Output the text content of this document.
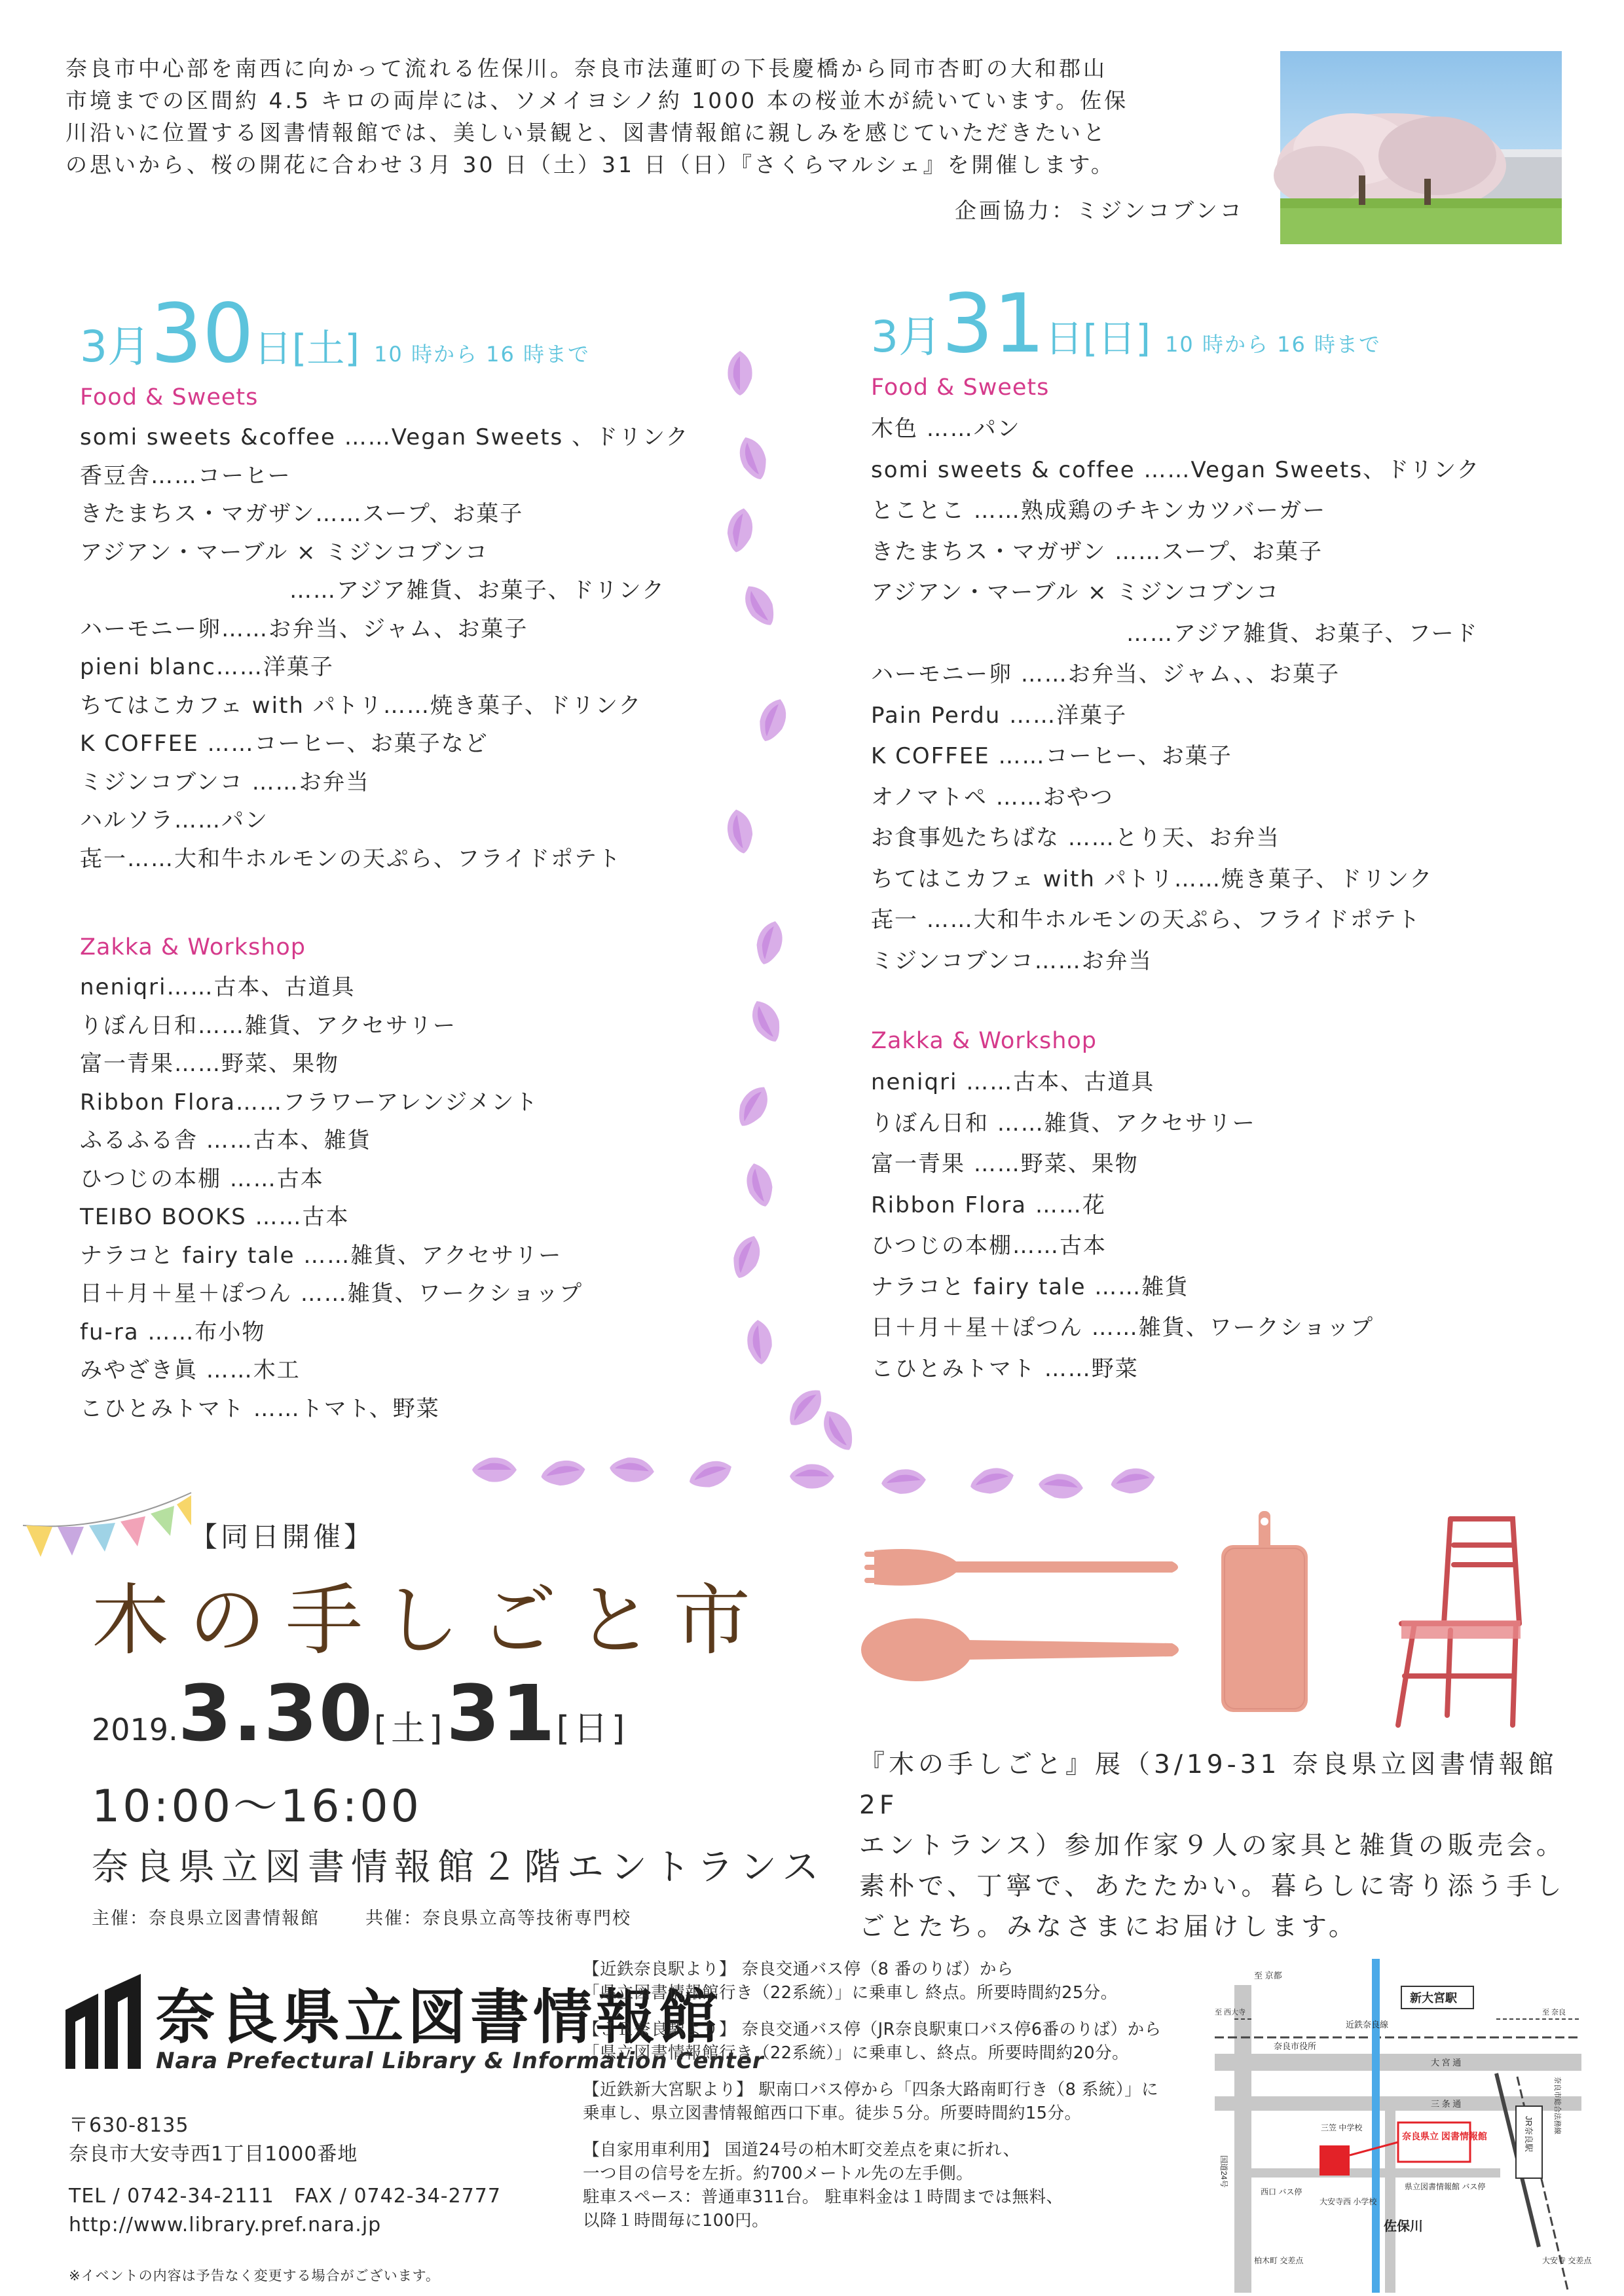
奈良市中心部を南西に向かって流れる佐保川。奈良市法蓮町の下長慶橋から同市杏町の大和郡山
市境までの区間約 4.5 キロの両岸には、ソメイヨシノ約 1000 本の桜並木が続いています。佐保
川沿いに位置する図書情報館では、美しい景観と、図書情報館に親しみを感じていただきたいと
の思いから、桜の開花に合わせ３月 30 日（土）31 日（日）『さくらマルシェ』を開催します。
企画協力：ミジンコブンコ
3月30日[土] 10 時から 16 時まで
Food & Sweets
somi sweets &coffee ……Vegan Sweets 、ドリンク
香豆舎……コーヒー
きたまちス・マガザン……スープ、お菓子
アジアン・マーブル × ミジンコブンコ
……アジア雑貨、お菓子、ドリンク
ハーモニー卵……お弁当、ジャム、お菓子
pieni blanc……洋菓子
ちてはこカフェ with パトリ……焼き菓子、ドリンク
K COFFEE ……コーヒー、お菓子など
ミジンコブンコ ……お弁当
ハルソラ……パン
㐂一……大和牛ホルモンの天ぷら、フライドポテト
Zakka & Workshop
neniqri……古本、古道具
りぼん日和……雑貨、アクセサリー
富一青果……野菜、果物
Ribbon Flora……フラワーアレンジメント
ふるふる舎 ……古本、雑貨
ひつじの本棚 ……古本
TEIBO BOOKS ……古本
ナラコと fairy tale ……雑貨、アクセサリー
日＋月＋星＋ぽつん ……雑貨、ワークショップ
fu-ra ……布小物
みやざき眞 ……木工
こひとみトマト ……トマト、野菜
3月31日[日] 10 時から 16 時まで
Food & Sweets
木色 ……パン
somi sweets & coffee ……Vegan Sweets、ドリンク
とことこ ……熟成鶏のチキンカツバーガー
きたまちス・マガザン ……スープ、お菓子
アジアン・マーブル × ミジンコブンコ
……アジア雑貨、お菓子、フード
ハーモニー卵 ……お弁当、ジャム、、お菓子
Pain Perdu ……洋菓子
K COFFEE ……コーヒー、お菓子
オノマトペ ……おやつ
お食事処たちばな ……とり天、お弁当
ちてはこカフェ with パトリ……焼き菓子、ドリンク
㐂一 ……大和牛ホルモンの天ぷら、フライドポテト
ミジンコブンコ……お弁当
Zakka & Workshop
neniqri ……古本、古道具
りぼん日和 ……雑貨、アクセサリー
富一青果 ……野菜、果物
Ribbon Flora ……花
ひつじの本棚……古本
ナラコと fairy tale ……雑貨
日＋月＋星＋ぽつん ……雑貨、ワークショップ
こひとみトマト ……野菜
【同日開催】
木の手しごと市
2019.3.30[土]31[日]
10:00〜16:00
奈良県立図書情報館２階エントランス
主催：奈良県立図書情報館	共催：奈良県立高等技術専門校
『木の手しごと』展（3/19-31 奈良県立図書情報館 2F
エントランス）参加作家９人の家具と雑貨の販売会。
素朴で、丁寧で、あたたかい。暮らしに寄り添う手し
ごとたち。みなさまにお届けします。
奈良県立図書情報館
Nara Prefectural Library & Information Center
〒630-8135
奈良市大安寺西1丁目1000番地
TEL / 0742-34-2111　FAX / 0742-34-2777
http://www.library.pref.nara.jp
※イベントの内容は予告なく変更する場合がございます。
【近鉄奈良駅より】 奈良交通バス停（8 番のりば）から
「県立図書情報館行き（22系統）」に乗車し 終点。所要時間約25分。
【ＪＲ奈良駅より】 奈良交通バス停（JR奈良駅東口バス停6番のりば）から
「県立図書情報館行き（22系統）」に乗車し、終点。所要時間約20分。
【近鉄新大宮駅より】 駅南口バス停から「四条大路南町行き（8 系統）」に
乗車し、県立図書情報館西口下車。徒歩５分。所要時間約15分。
【自家用車利用】 国道24号の柏木町交差点を東に折れ、
一つ目の信号を左折。約700メートル先の左手側。
駐車スペース：普通車311台。 駐車料金は１時間までは無料、
以降１時間毎に100円。
至 京都
近鉄奈良線
新大宮駅
至 西大寺	至 奈良
奈良市役所
大 宮 通
三 条 通
三笠 中学校
奈良県立 図書情報館
国道24号
JR奈良駅
西口 バス停
大安寺西 小学校
県立図書情報館 バス停
佐保川
柏木町 交差点	大安寺 交差点
奈良市総合法務線
